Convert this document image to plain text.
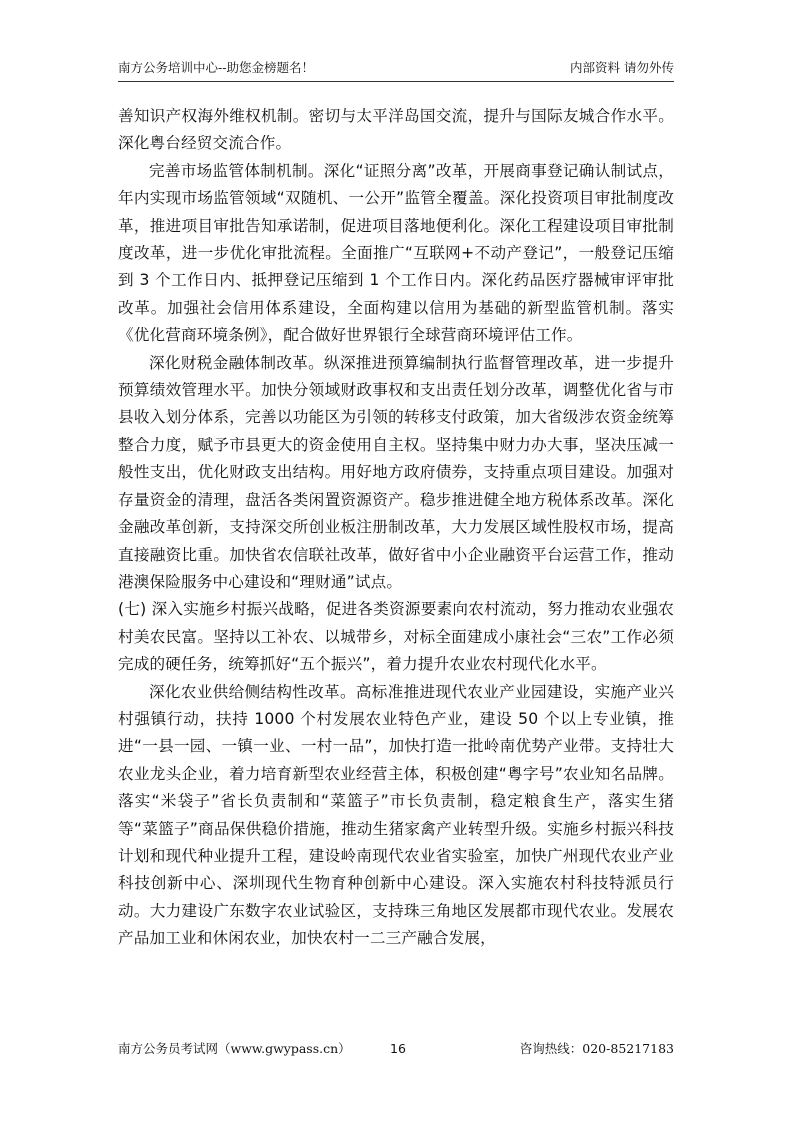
南方公务培训中心--助您金榜题名！	内部资料 请勿外传

善知识产权海外维权机制。密切与太平洋岛国交流，提升与国际友城合作水平。深化粤台经贸交流合作。

完善市场监管体制机制。深化“证照分离”改革，开展商事登记确认制试点，年内实现市场监管领域“双随机、一公开”监管全覆盖。深化投资项目审批制度改革，推进项目审批告知承诺制，促进项目落地便利化。深化工程建设项目审批制度改革，进一步优化审批流程。全面推广“互联网+不动产登记”，一般登记压缩到 3 个工作日内、抵押登记压缩到 1 个工作日内。深化药品医疗器械审评审批改革。加强社会信用体系建设，全面构建以信用为基础的新型监管机制。落实《优化营商环境条例》，配合做好世界银行全球营商环境评估工作。

深化财税金融体制改革。纵深推进预算编制执行监督管理改革，进一步提升预算绩效管理水平。加快分领域财政事权和支出责任划分改革，调整优化省与市县收入划分体系，完善以功能区为引领的转移支付政策，加大省级涉农资金统筹整合力度，赋予市县更大的资金使用自主权。坚持集中财力办大事，坚决压减一般性支出，优化财政支出结构。用好地方政府债券，支持重点项目建设。加强对存量资金的清理，盘活各类闲置资源资产。稳步推进健全地方税体系改革。深化金融改革创新，支持深交所创业板注册制改革，大力发展区域性股权市场，提高直接融资比重。加快省农信联社改革，做好省中小企业融资平台运营工作，推动港澳保险服务中心建设和“理财通”试点。

(七) 深入实施乡村振兴战略，促进各类资源要素向农村流动，努力推动农业强农村美农民富。坚持以工补农、以城带乡，对标全面建成小康社会“三农”工作必须完成的硬任务，统筹抓好“五个振兴”，着力提升农业农村现代化水平。

深化农业供给侧结构性改革。高标准推进现代农业产业园建设，实施产业兴村强镇行动，扶持 1000 个村发展农业特色产业，建设 50 个以上专业镇，推进“一县一园、一镇一业、一村一品”，加快打造一批岭南优势产业带。支持壮大农业龙头企业，着力培育新型农业经营主体，积极创建“粤字号”农业知名品牌。落实“米袋子”省长负责制和“菜篮子”市长负责制，稳定粮食生产，落实生猪等“菜篮子”商品保供稳价措施，推动生猪家禽产业转型升级。实施乡村振兴科技计划和现代种业提升工程，建设岭南现代农业省实验室，加快广州现代农业产业科技创新中心、深圳现代生物育种创新中心建设。深入实施农村科技特派员行动。大力建设广东数字农业试验区，支持珠三角地区发展都市现代农业。发展农产品加工业和休闲农业，加快农村一二三产融合发展，

南方公务员考试网（www.gwypass.cn）	16	咨询热线：020-85217183
